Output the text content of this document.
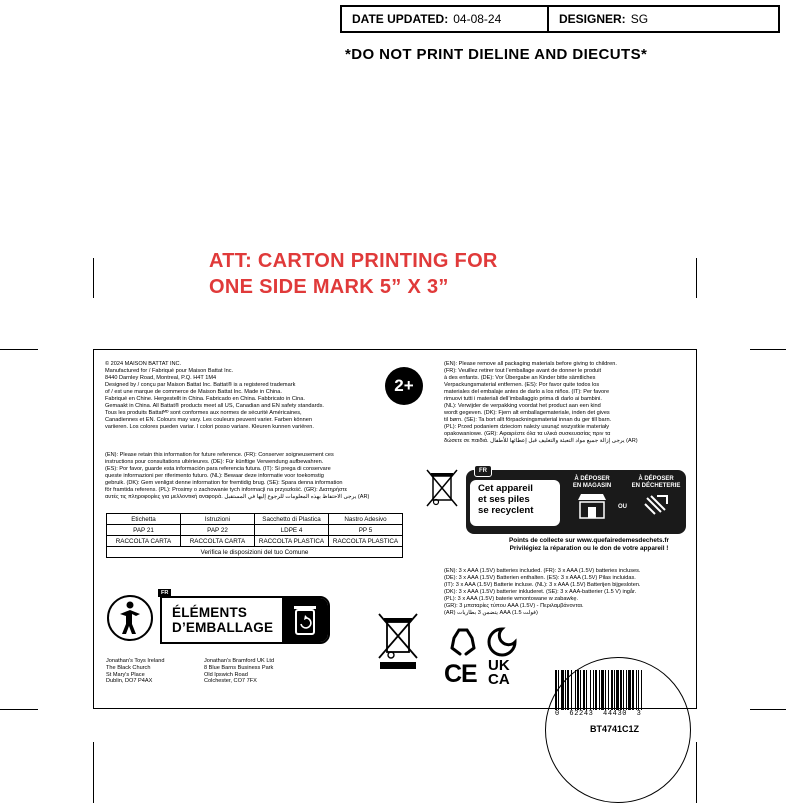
DATE UPDATED: 04-08-24	DESIGNER: SG
*DO NOT PRINT DIELINE AND DIECUTS*
ATT: CARTON PRINTING FOR
ONE SIDE MARK 5” X 3”
© 2024 MAISON BATTAT INC.
Manufactured for / Fabriqué pour Maison Battat Inc.
8440 Darnley Road, Montreal, P.Q. H4T 1M4
Designed by / conçu par Maison Battat Inc. Battat® is a registered trademark
of / est une marque de commerce de Maison Battat Inc. Made in China.
Fabriqué en Chine. Hergestellt in China. Fabricado en China. Fabbricato in Cina.
Gemaakt in China. All Battat® products meet all US, Canadian and EN safety standards.
Tous les produits Battatᴹᴰ sont conformes aux normes de sécurité Américaines,
Canadiennes et EN. Colours may vary. Les couleurs peuvent varier. Farben können
variieren. Los colores pueden variar. I colori posso variare. Kleuren kunnen variëren.
2+
(EN): Please retain this information for future reference. (FR): Conserver soigneusement ces
instructions pour consultations ultérieures. (DE): Für künftige Verwendung aufbewahren.
(ES): Por favor, guarde esta información para referencia futura. (IT): Si prega di conservare
queste informazioni per riferimento futuro. (NL): Bewaar deze informatie voor toekomstig
gebruik. (DK): Gem venligst denne information for fremtidig brug. (SE): Spara denna information
för framtida referens. (PL): Prosimy o zachowanie tych informacji na przyszłość. (GR): Διατηρήστε
αυτές τις πληροφορίες για μελλοντική αναφορά. يرجى الاحتفاظ بهذه المعلومات للرجوع إليها في المستقبل (AR)
Etichetta	Istruzioni	Sacchetto di Plastica	Nastro Adesivo
PAP 21	PAP 22	LDPE 4	PP 5
RACCOLTA CARTA	RACCOLTA CARTA	RACCOLTA PLASTICA	RACCOLTA PLASTICA
Verifica le disposizioni del tuo Comune			
(EN): Please remove all packaging materials before giving to children.
(FR): Veuillez retirer tout l’emballage avant de donner le produit
à des enfants. (DE): Vor Übergabe an Kinder bitte sämtliches
Verpackungsmaterial entfernen. (ES): Por favor quite todos los
materiales del embalaje antes de darlo a los niños. (IT): Per favore
rimuovi tutti i materiali dell’imballaggio prima di darlo ai bambini.
(NL): Verwijder de verpakking voordat het product aan een kind
wordt gegeven. (DK): Fjern alt emballagemateriale, inden det gives
til børn. (SE): Ta bort allt förpackningsmaterial innan du ger till barn.
(PL): Przed podaniem dzieciom należy usunąć wszystkie materiały
opakowaniowe. (GR): Αφαιρέστε όλα τα υλικά συσκευασίας πριν τα
δώσετε σε παιδιά. يرجى إزالة جميع مواد التعبئة والتغليف قبل إعطائها للأطفال (AR)
FR
Cet appareil
et ses piles
se recyclent
À DÉPOSER
EN MAGASIN
OU
À DÉPOSER
EN DÉCHETERIE
Points de collecte sur www.quefairedemesdechets.fr
Privilégiez la réparation ou le don de votre appareil !
(EN): 3 x AAA (1.5V) batteries included. (FR): 3 x AAA (1.5V) batteries incluses.
(DE): 3 x AAA (1.5V) Batterien enthalten. (ES): 3 x AAA (1.5V) Pilas incluidas.
(IT): 3 x AAA (1.5V) Batterie incluse. (NL): 3 x AAA (1.5V) Batterijen bijgesloten.
(DK): 3 x AAA (1.5V) batterier inkluderet. (SE): 3 x AAA-batterier (1.5 V) ingår.
(PL): 3 x AAA (1.5V) baterie wmontowane w zabawkę.
(GR): 3 μπαταρίες τύπου AAA (1.5V) - Περιλαμβάνονται.
(AR) يتضمن 3 بطاريات AAA (1.5 فولت)
FR
ÉLÉMENTS
D’EMBALLAGE
Jonathan's Toys Ireland
The Black Church
St Mary's Place
Dublin, DO7 P4AX
Jonathan's Bramford UK Ltd
8 Blue Barns Business Park
Old Ipswich Road
Colchester, CO7 7FX	CE UK
CA
0 62243 44430 3
BT4741C1Z
